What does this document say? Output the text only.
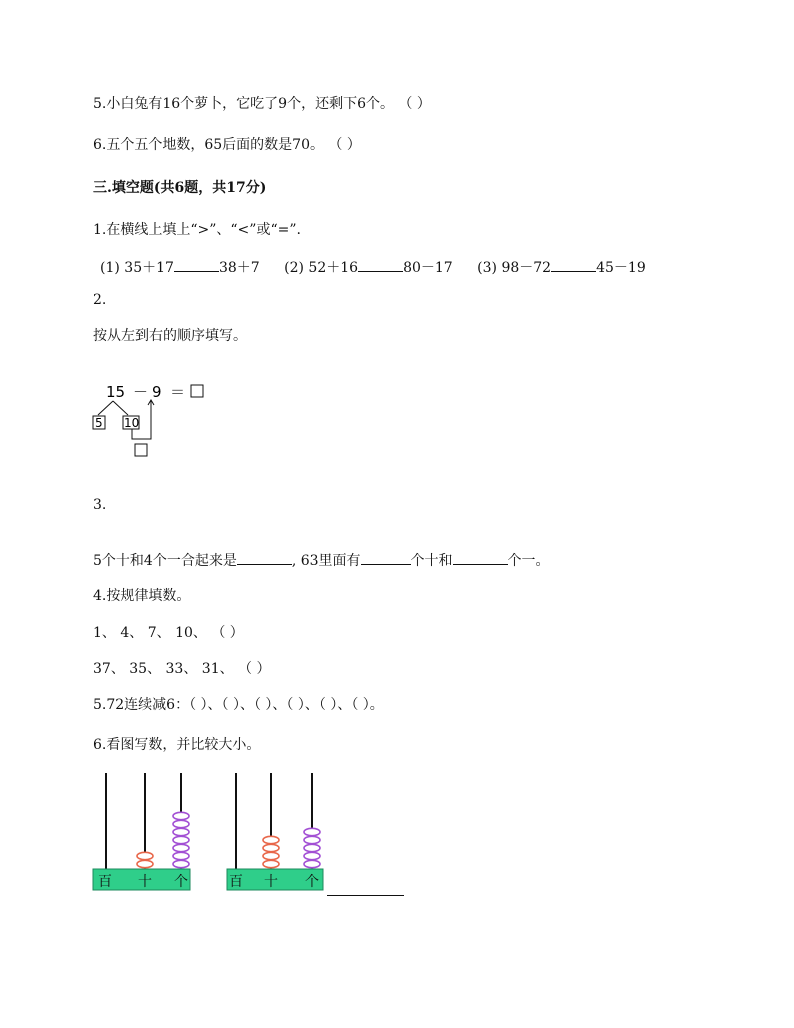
5.小白兔有16个萝卜，它吃了9个，还剩下6个。 （ ）
6.五个五个地数，65后面的数是70。 （ ）
三.填空题(共6题，共17分)
1.在横线上填上“>”、“<”或“=”.
(1) 35＋17	38＋7 (2) 52＋16	80－17 (3) 98－72	45－19
2.
按从左到右的顺序填写。
15 － 9 ＝
5 10
3.
5个十和4个一合起来是	, 63里面有	个十和	个一。
4.按规律填数。
1、 4、 7、 10、 （ ）
37、 35、 33、 31、 （ ）
5.72连续减6：（ ）、（ ）、（ ）、（ ）、（ ）、（ ）。
6.看图写数，并比较大小。
百 十 个	百 十 个
